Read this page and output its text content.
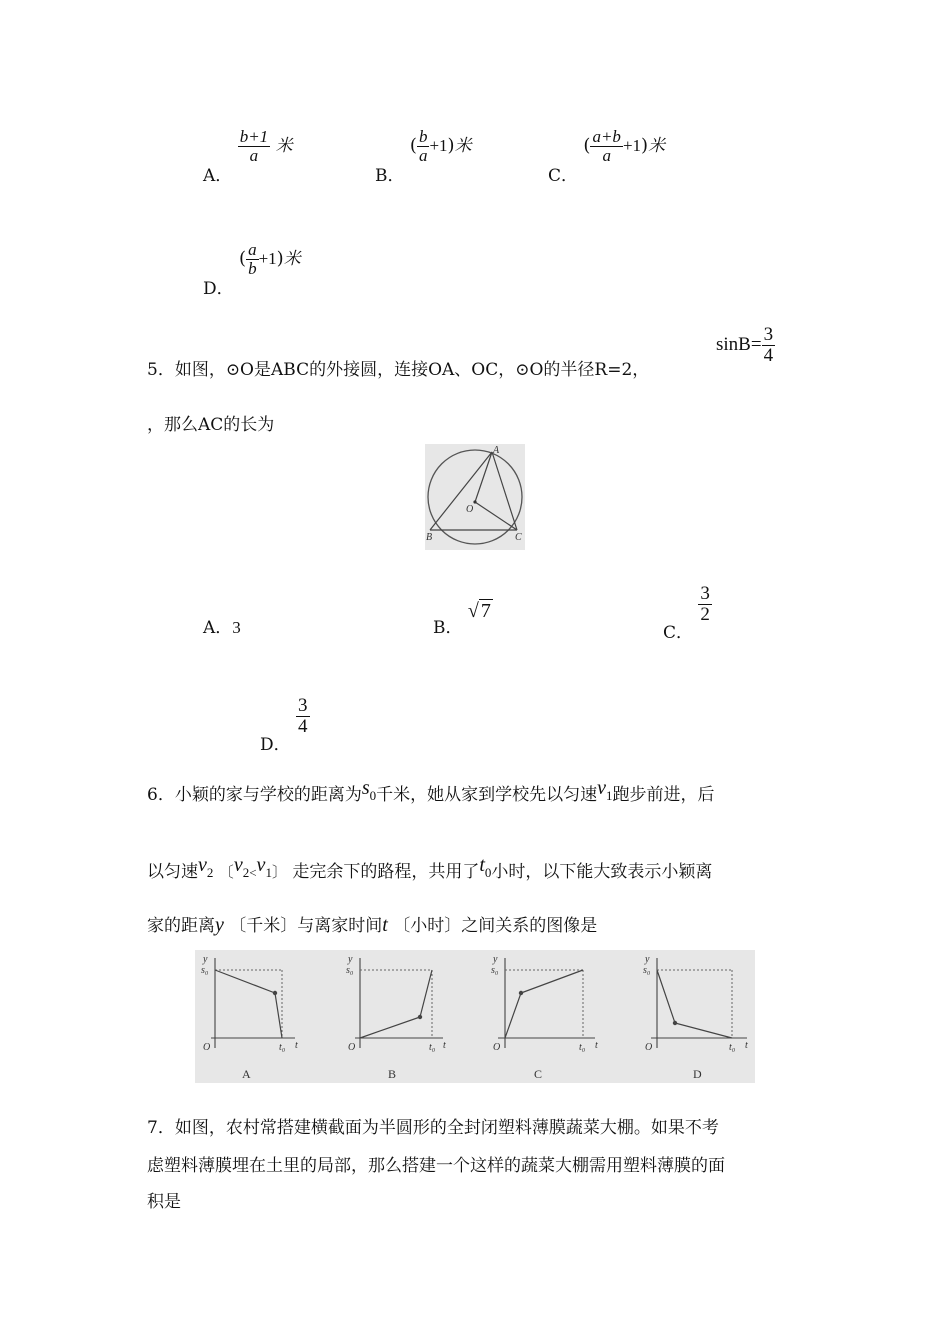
A．
$\frac{b+1}{a}$ 米
B． ( $\frac{b}{a} +1$)米
C． ( $\frac{a+b}{a} +1$)米
D． ( $\frac{a}{b} +1$)米
5．如图，⊙O是ABC的外接圆，连接OA、OC，⊙O的半径R=2，
$\sin B= \frac{3}{4}$
，那么AC的长为
A
O
B	C
A．3	B． √ 7
C．
$\frac{3}{2}$
D．
$\frac{3}{4}$
6．小颖的家与学校的距离为s0千米，她从家到学校先以匀速v1跑步前进，后
以匀速v2 〔v2<v1〕 走完余下的路程，共用了t0小时，以下能大致表示小颖离
家的距离y 〔千米〕与离家时间t 〔小时〕之间关系的图像是
y
s₀
O	t₀ t
A
y
s₀
O	t₀ t
B
y
s₀
O	t₀ t
C
y
s₀
O	t₀ t
D
7．如图，农村常搭建横截面为半圆形的全封闭塑料薄膜蔬菜大棚。如果不考
虑塑料薄膜埋在土里的局部，那么搭建一个这样的蔬菜大棚需用塑料薄膜的面
积是
